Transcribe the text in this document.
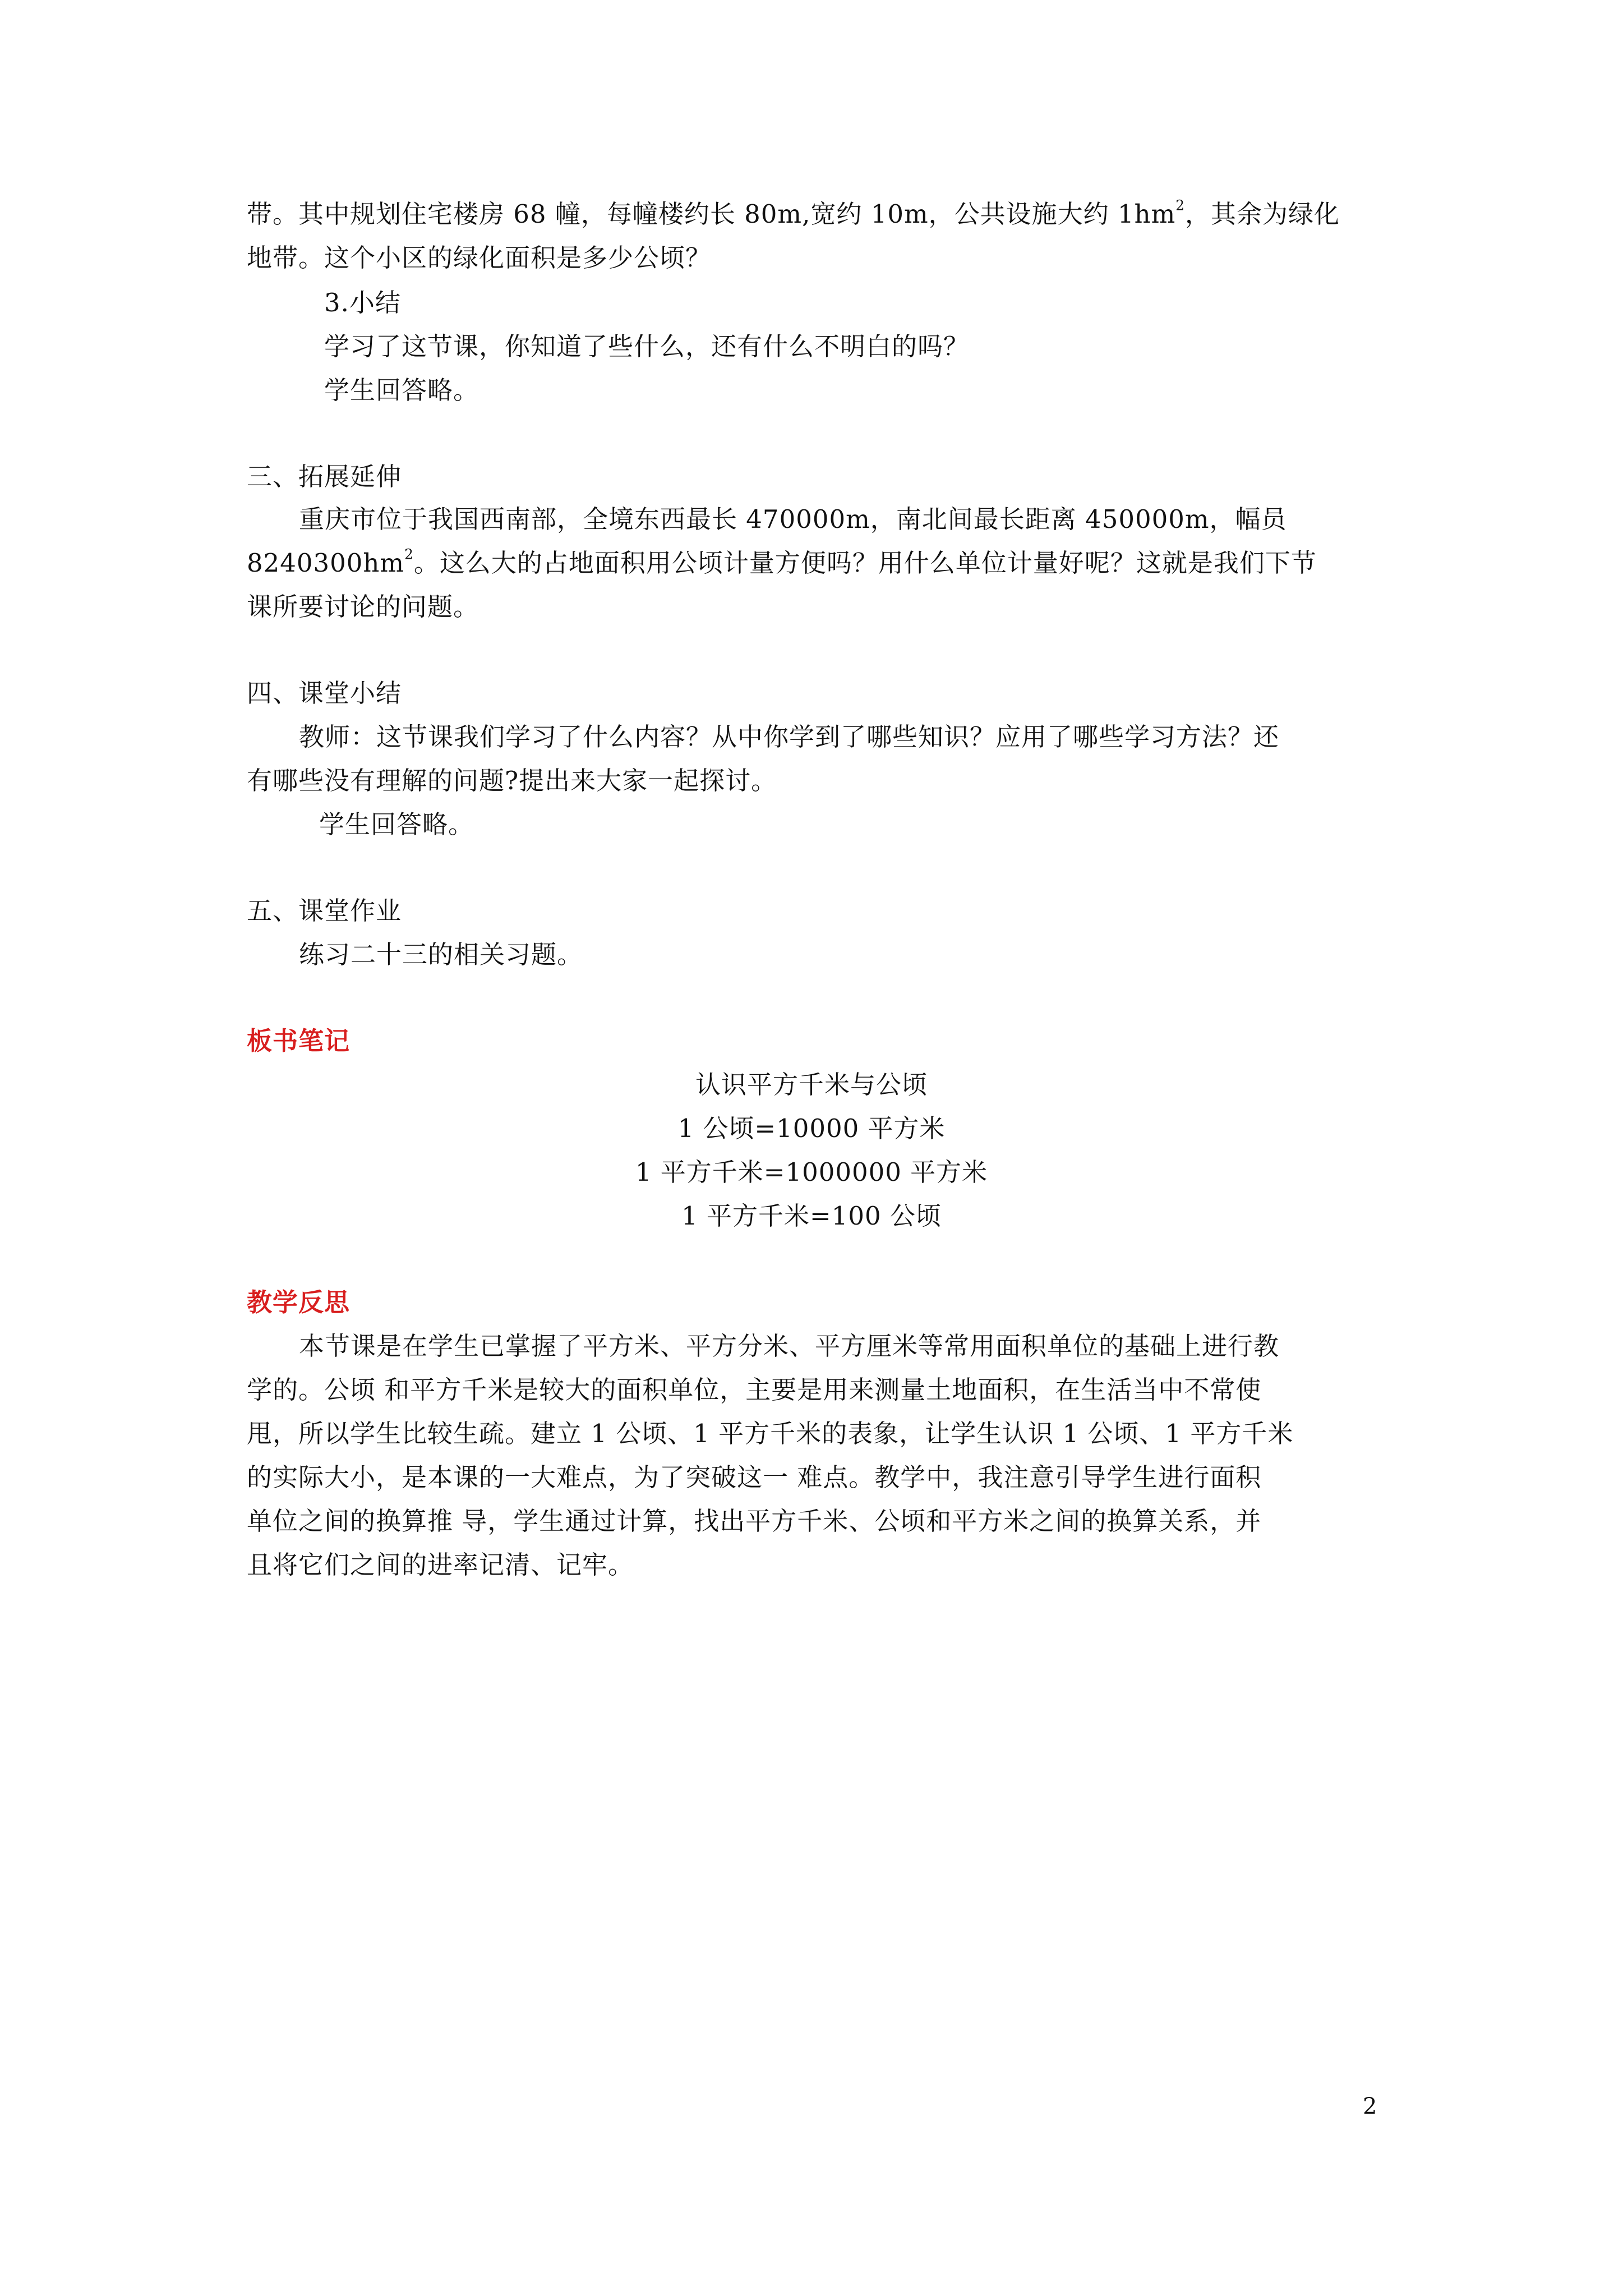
带。其中规划住宅楼房 68 幢，每幢楼约长 80m,宽约 10m，公共设施大约 $1hm^2$，其余为绿化
地带。这个小区的绿化面积是多少公顷？
3.小结
学习了这节课，你知道了些什么，还有什么不明白的吗？
学生回答略。
三、拓展延伸
重庆市位于我国西南部，全境东西最长 470000m，南北间最长距离 450000m，幅员
$8240300hm^2$。这么大的占地面积用公顷计量方便吗？用什么单位计量好呢？这就是我们下节
课所要讨论的问题。
四、课堂小结
教师：这节课我们学习了什么内容？从中你学到了哪些知识？应用了哪些学习方法？还
有哪些没有理解的问题?提出来大家一起探讨。
学生回答略。
五、课堂作业
练习二十三的相关习题。
板书笔记
认识平方千米与公顷
1 公顷=10000 平方米
1 平方千米=1000000 平方米
1 平方千米=100 公顷
教学反思
本节课是在学生已掌握了平方米、平方分米、平方厘米等常用面积单位的基础上进行教
学的。公顷 和平方千米是较大的面积单位，主要是用来测量土地面积，在生活当中不常使
甩，所以学生比较生疏。建立 1 公顷、1 平方千米的表象，让学生认识 1 公顷、1 平方千米
的实际大小，是本课的一大难点，为了突破这一 难点。教学中，我注意引导学生进行面积
单位之间的换算推 导，学生通过计算，找出平方千米、公顷和平方米之间的换算关系，并
且将它们之间的进率记清、记牢。
2
